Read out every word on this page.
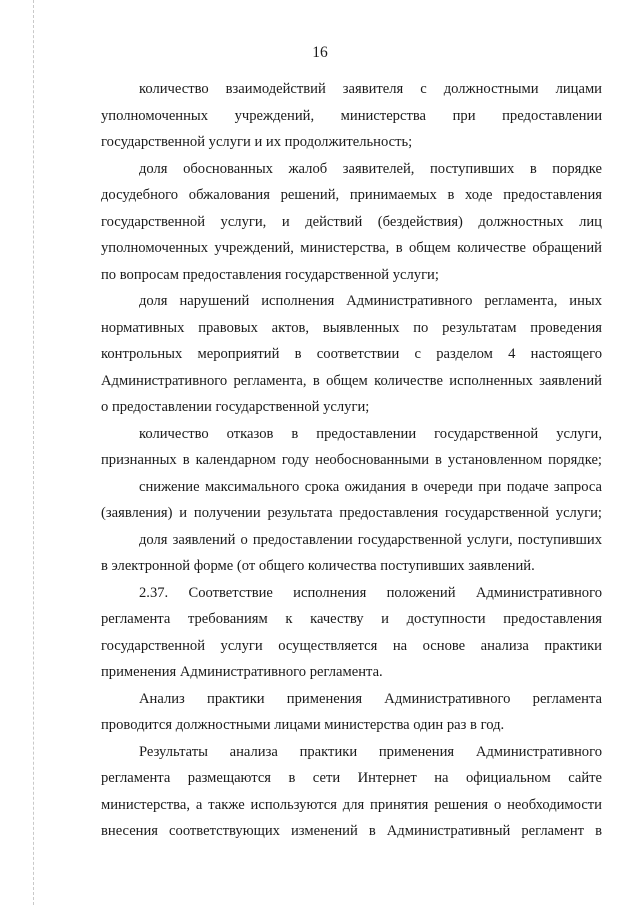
16

количество взаимодействий заявителя с должностными лицами
уполномоченных учреждений, министерства при предоставлении
государственной услуги и их продолжительность;

доля обоснованных жалоб заявителей, поступивших в порядке
досудебного обжалования решений, принимаемых в ходе предоставления
государственной услуги, и действий (бездействия) должностных лиц
уполномоченных учреждений, министерства, в общем количестве обращений
по вопросам предоставления государственной услуги;

доля нарушений исполнения Административного регламента, иных
нормативных правовых актов, выявленных по результатам проведения
контрольных мероприятий в соответствии с разделом 4 настоящего
Административного регламента, в общем количестве исполненных заявлений
о предоставлении государственной услуги;

количество отказов в предоставлении государственной услуги,
признанных в календарном году необоснованными в установленном порядке;

снижение максимального срока ожидания в очереди при подаче запроса
(заявления) и получении результата предоставления государственной услуги;

доля заявлений о предоставлении государственной услуги, поступивших
в электронной форме (от общего количества поступивших заявлений.

2.37. Соответствие исполнения положений Административного
регламента требованиям к качеству и доступности предоставления
государственной услуги осуществляется на основе анализа практики
применения Административного регламента.

Анализ практики применения Административного регламента
проводится должностными лицами министерства один раз в год.

Результаты анализа практики применения Административного
регламента размещаются в сети Интернет на официальном сайте
министерства, а также используются для принятия решения о необходимости
внесения соответствующих изменений в Административный регламент в
